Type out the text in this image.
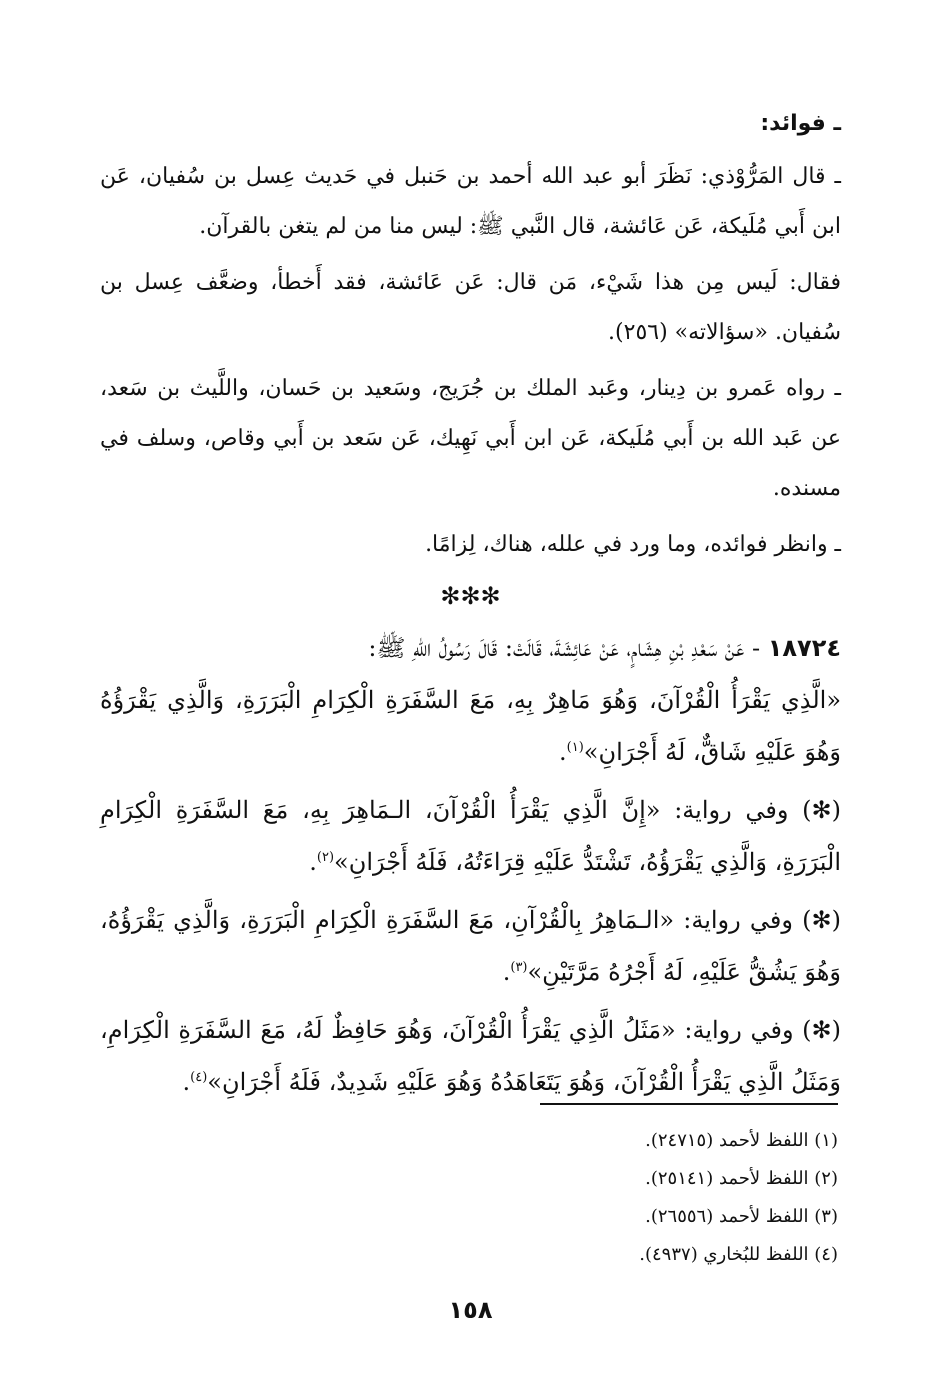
ـ فوائد:
ـ قال المَرُّوْذي: نَظَرَ أبو عبد الله أحمد بن حَنبل في حَديث عِسل بن سُفيان، عَن ابن أَبي مُلَيكة، عَن عَائشة، قال النَّبي ﷺ: ليس منا من لم يتغن بالقرآن.
فقال: لَيس مِن هذا شَيْء، مَن قال: عَن عَائشة، فقد أَخطأ، وضعَّف عِسل بن سُفيان. «سؤالاته» (٢٥٦).
ـ رواه عَمرو بن دِينار، وعَبد الملك بن جُرَيج، وسَعيد بن حَسان، واللَّيث بن سَعد، عن عَبد الله بن أَبي مُلَيكة، عَن ابن أَبي نَهِيك، عَن سَعد بن أَبي وقاص، وسلف في مسنده.
ـ وانظر فوائده، وما ورد في علله، هناك، لِزامًا.
✻✻✻
١٨٧٢٤ - عَنْ سَعْدِ بْنِ هِشَامٍ، عَنْ عَائِشَةَ، قَالَتْ: قَالَ رَسُولُ اللهِ ﷺ:
«الَّذِي يَقْرَأُ الْقُرْآنَ، وَهُوَ مَاهِرٌ بِهِ، مَعَ السَّفَرَةِ الْكِرَامِ الْبَرَرَةِ، وَالَّذِي يَقْرَؤُهُ وَهُوَ عَلَيْهِ شَاقٌّ، لَهُ أَجْرَانِ»$^{(١)}$.
(✻) وفي رواية: «إِنَّ الَّذِي يَقْرَأُ الْقُرْآنَ، الـمَاهِرَ بِهِ، مَعَ السَّفَرَةِ الْكِرَامِ الْبَرَرَةِ، وَالَّذِي يَقْرَؤُهُ، تَشْتَدُّ عَلَيْهِ قِرَاءَتُهُ، فَلَهُ أَجْرَانِ»$^{(٢)}$.
(✻) وفي رواية: «الـمَاهِرُ بِالْقُرْآنِ، مَعَ السَّفَرَةِ الْكِرَامِ الْبَرَرَةِ، وَالَّذِي يَقْرَؤُهُ، وَهُوَ يَشُقُّ عَلَيْهِ، لَهُ أَجْرُهُ مَرَّتَيْنِ»$^{(٣)}$.
(✻) وفي رواية: «مَثَلُ الَّذِي يَقْرَأُ الْقُرْآنَ، وَهُوَ حَافِظٌ لَهُ، مَعَ السَّفَرَةِ الْكِرَامِ، وَمَثَلُ الَّذِي يَقْرَأُ الْقُرْآنَ، وَهُوَ يَتَعَاهَدُهُ وَهُوَ عَلَيْهِ شَدِيدٌ، فَلَهُ أَجْرَانِ»$^{(٤)}$.
(١) اللفظ لأحمد (٢٤٧١٥).
(٢) اللفظ لأحمد (٢٥١٤١).
(٣) اللفظ لأحمد (٢٦٥٥٦).
(٤) اللفظ للبُخاري (٤٩٣٧).
١٥٨
